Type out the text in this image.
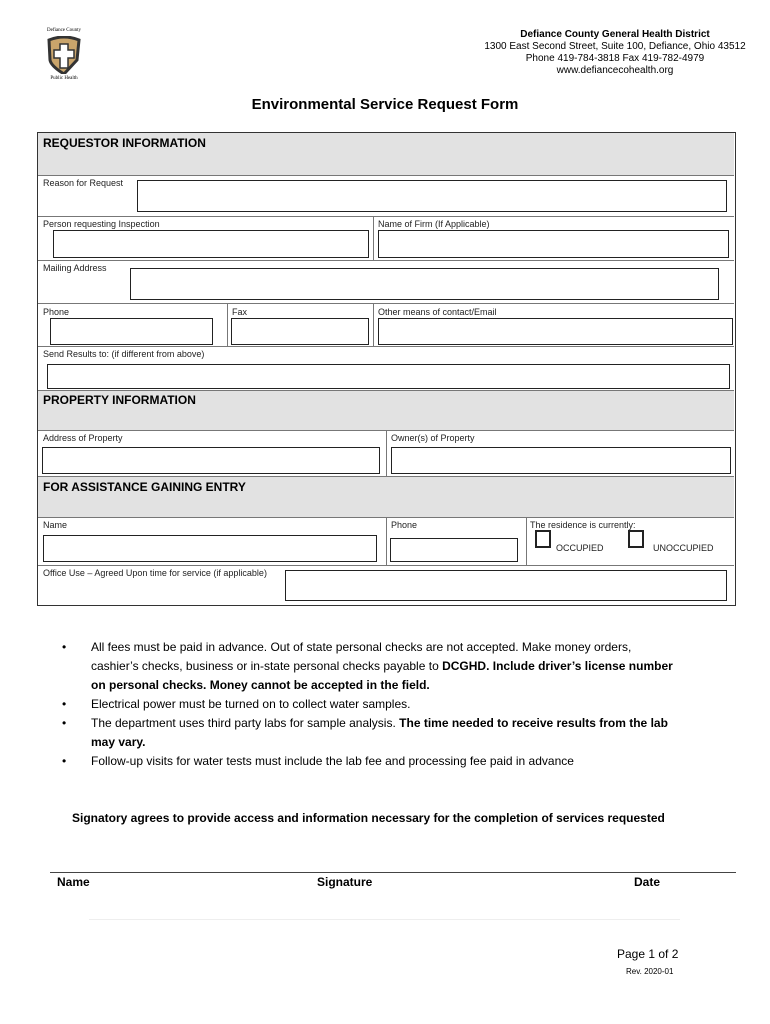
Defiance County
Public Health
Defiance County General Health District
1300 East Second Street, Suite 100, Defiance, Ohio 43512
Phone 419-784-3818 Fax 419-782-4979
www.defiancecohealth.org
Environmental Service Request Form
REQUESTOR INFORMATION
Reason for Request
Person requesting Inspection	Name of Firm (If Applicable)
Mailing Address
Phone	Fax	Other means of contact/Email
Send Results to: (if different from above)
PROPERTY INFORMATION
Address of Property	Owner(s) of Property
FOR ASSISTANCE GAINING ENTRY
Name	Phone	The residence is currently:
OCCUPIED	UNOCCUPIED
Office Use – Agreed Upon time for service (if applicable)
• All fees must be paid in advance. Out of state personal checks are not accepted. Make money orders, cashier’s checks, business or in-state personal checks payable to DCGHD. Include driver’s license number on personal checks. Money cannot be accepted in the field.
• Electrical power must be turned on to collect water samples.
• The department uses third party labs for sample analysis. The time needed to receive results from the lab may vary.
• Follow-up visits for water tests must include the lab fee and processing fee paid in advance
Signatory agrees to provide access and information necessary for the completion of services requested
Name	Signature	Date
Page 1 of 2
Rev. 2020-01
